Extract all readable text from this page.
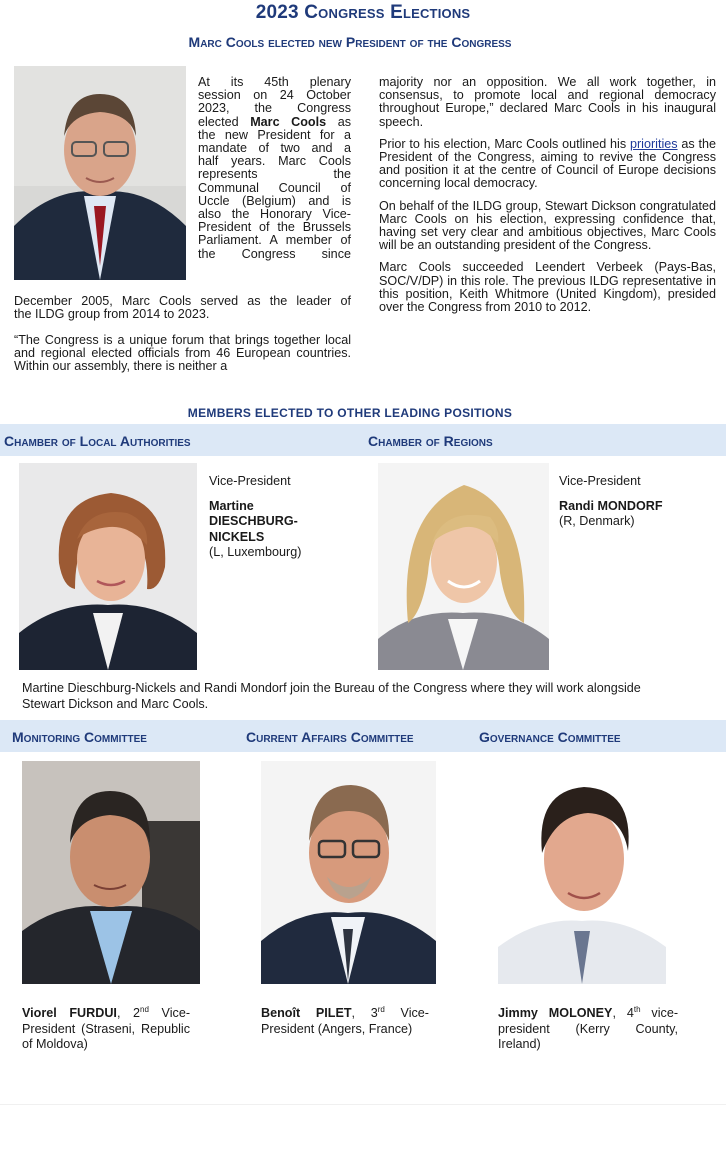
2023 Congress Elections
Marc Cools elected new President of the Congress
At its 45th plenary
session on 24 October
2023, the Congress
elected Marc Cools as
the new President for a
mandate of two and a
half years. Marc Cools
represents the
Communal Council of
Uccle (Belgium) and is
also the Honorary Vice-
President of the Brussels
Parliament. A member of
the Congress since
December 2005, Marc Cools served as the leader of
the ILDG group from 2014 to 2023.

“The Congress is a unique forum that brings together local and regional elected officials from 46 European countries. Within our assembly, there is neither a

majority nor an opposition. We all work together, in consensus, to promote local and regional democracy throughout Europe,” declared Marc Cools in his inaugural speech.

Prior to his election, Marc Cools outlined his priorities as the President of the Congress, aiming to revive the Congress and position it at the centre of Council of Europe decisions concerning local democracy.

On behalf of the ILDG group, Stewart Dickson congratulated Marc Cools on his election, expressing confidence that, having set very clear and ambitious objectives, Marc Cools will be an outstanding president of the Congress.

Marc Cools succeeded Leendert Verbeek (Pays-Bas, SOC/V/DP) in this role. The previous ILDG representative in this position, Keith Whitmore (United Kingdom), presided over the Congress from 2010 to 2012.

MEMBERS ELECTED TO OTHER LEADING POSITIONS
Chamber of Local Authorities	Chamber of Regions
Vice-President
Martine
DIESCHBURG-
NICKELS
(L, Luxembourg)
Vice-President
Randi MONDORF
(R, Denmark)

Martine Dieschburg-Nickels and Randi Mondorf join the Bureau of the Congress where they will work alongside Stewart Dickson and Marc Cools.

Monitoring Committee	Current Affairs Committee	Governance Committee
Viorel FURDUI, 2nd Vice-President (Straseni, Republic of Moldova)
Benoît PILET, 3rd Vice-President (Angers, France)
Jimmy MOLONEY, 4th vice-president (Kerry County, Ireland)
